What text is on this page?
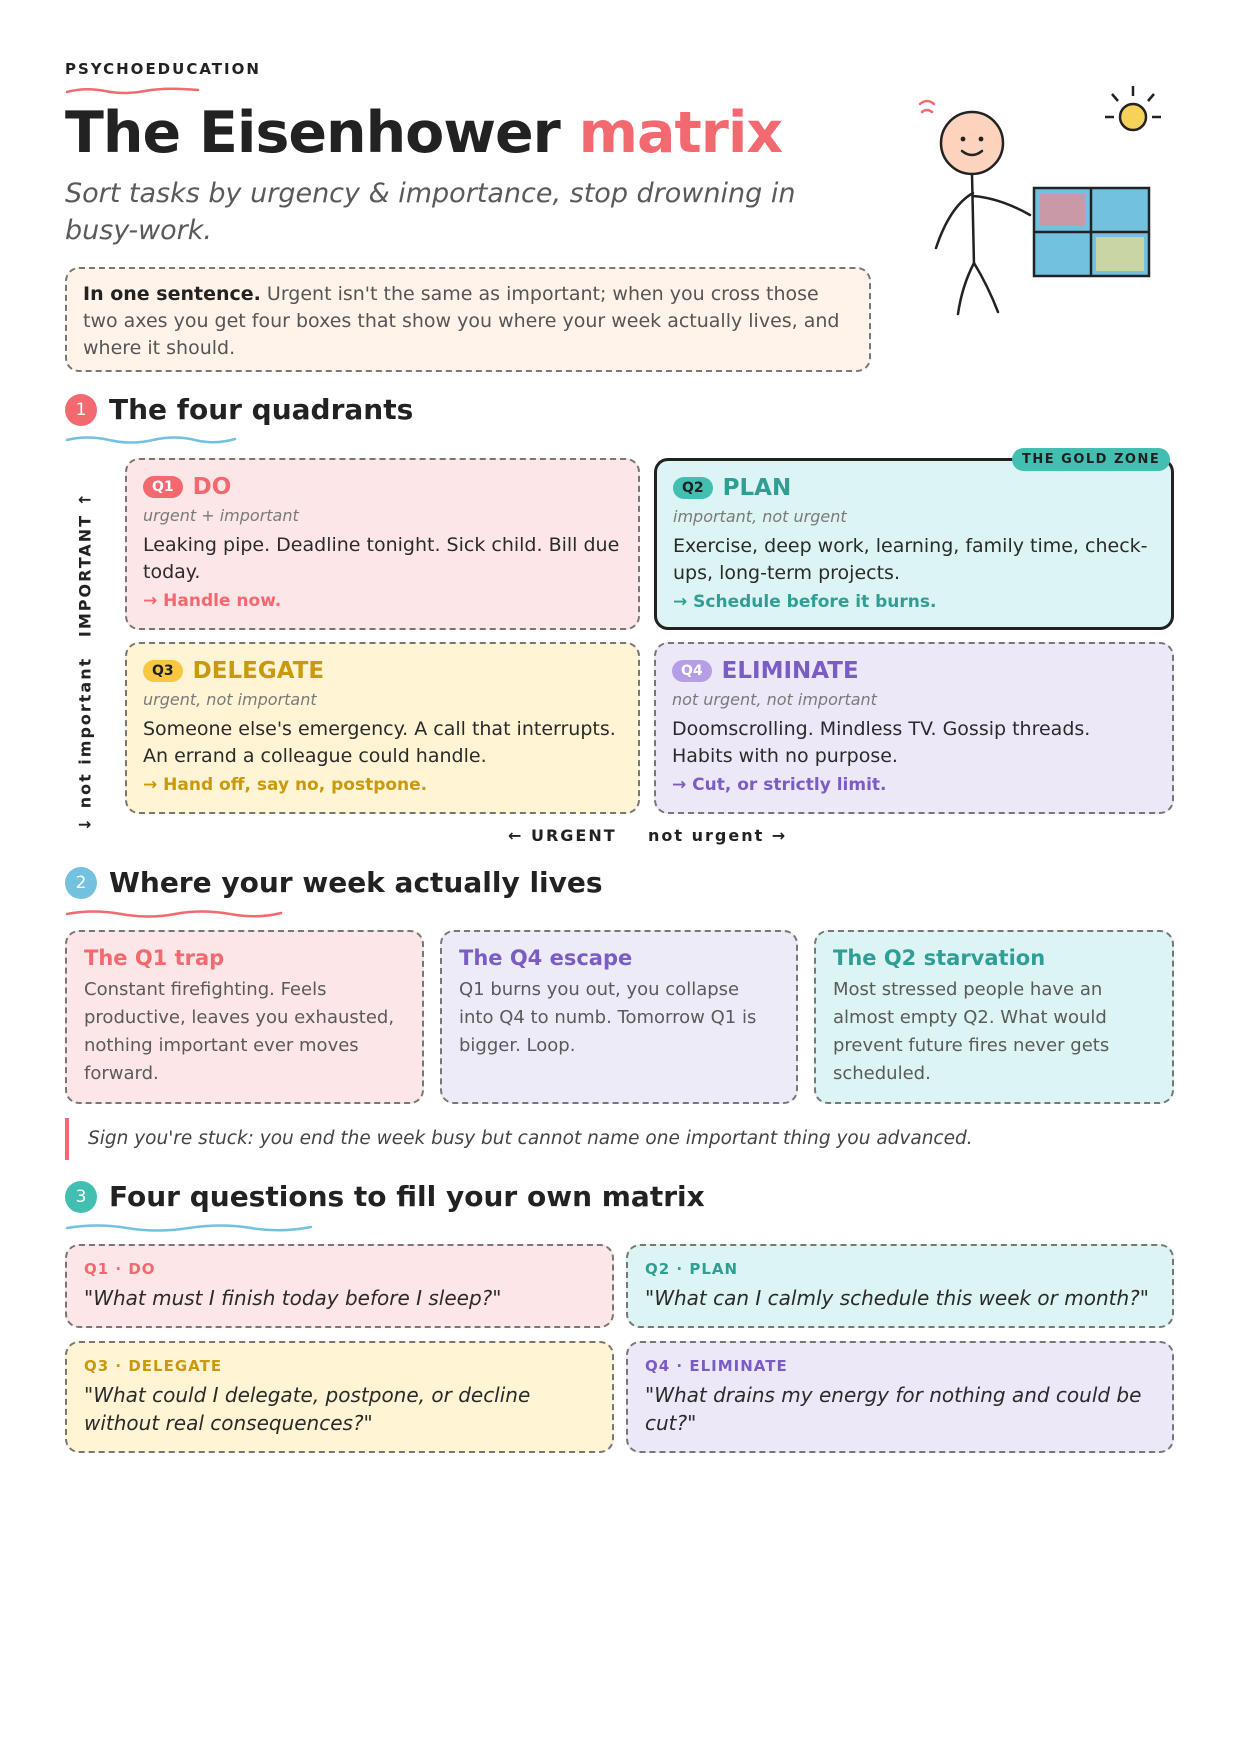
PSYCHOEDUCATION
The Eisenhower matrix
Sort tasks by urgency & importance, stop drowning in busy-work.
In one sentence. Urgent isn't the same as important; when you cross those two axes you get four boxes that show you where your week actually lives, and where it should.
1 The four quadrants
IMPORTANT ↑
↓ not important
Q1 DO
urgent + important
Leaking pipe. Deadline tonight. Sick child. Bill due today.
→ Handle now.
Q2 PLAN
important, not urgent
Exercise, deep work, learning, family time, check-ups, long-term projects.
→ Schedule before it burns.
THE GOLD ZONE
Q3 DELEGATE
urgent, not important
Someone else's emergency. A call that interrupts. An errand a colleague could handle.
→ Hand off, say no, postpone.
Q4 ELIMINATE
not urgent, not important
Doomscrolling. Mindless TV. Gossip threads. Habits with no purpose.
→ Cut, or strictly limit.
← URGENT not urgent →
2 Where your week actually lives
The Q1 trap
Constant firefighting. Feels productive, leaves you exhausted, nothing important ever moves forward.
The Q4 escape
Q1 burns you out, you collapse into Q4 to numb. Tomorrow Q1 is bigger. Loop.
The Q2 starvation
Most stressed people have an almost empty Q2. What would prevent future fires never gets scheduled.
Sign you're stuck: you end the week busy but cannot name one important thing you advanced.
3 Four questions to fill your own matrix
Q1 · DO
"What must I finish today before I sleep?"
Q2 · PLAN
"What can I calmly schedule this week or month?"
Q3 · DELEGATE
"What could I delegate, postpone, or decline without real consequences?"
Q4 · ELIMINATE
"What drains my energy for nothing and could be cut?"
